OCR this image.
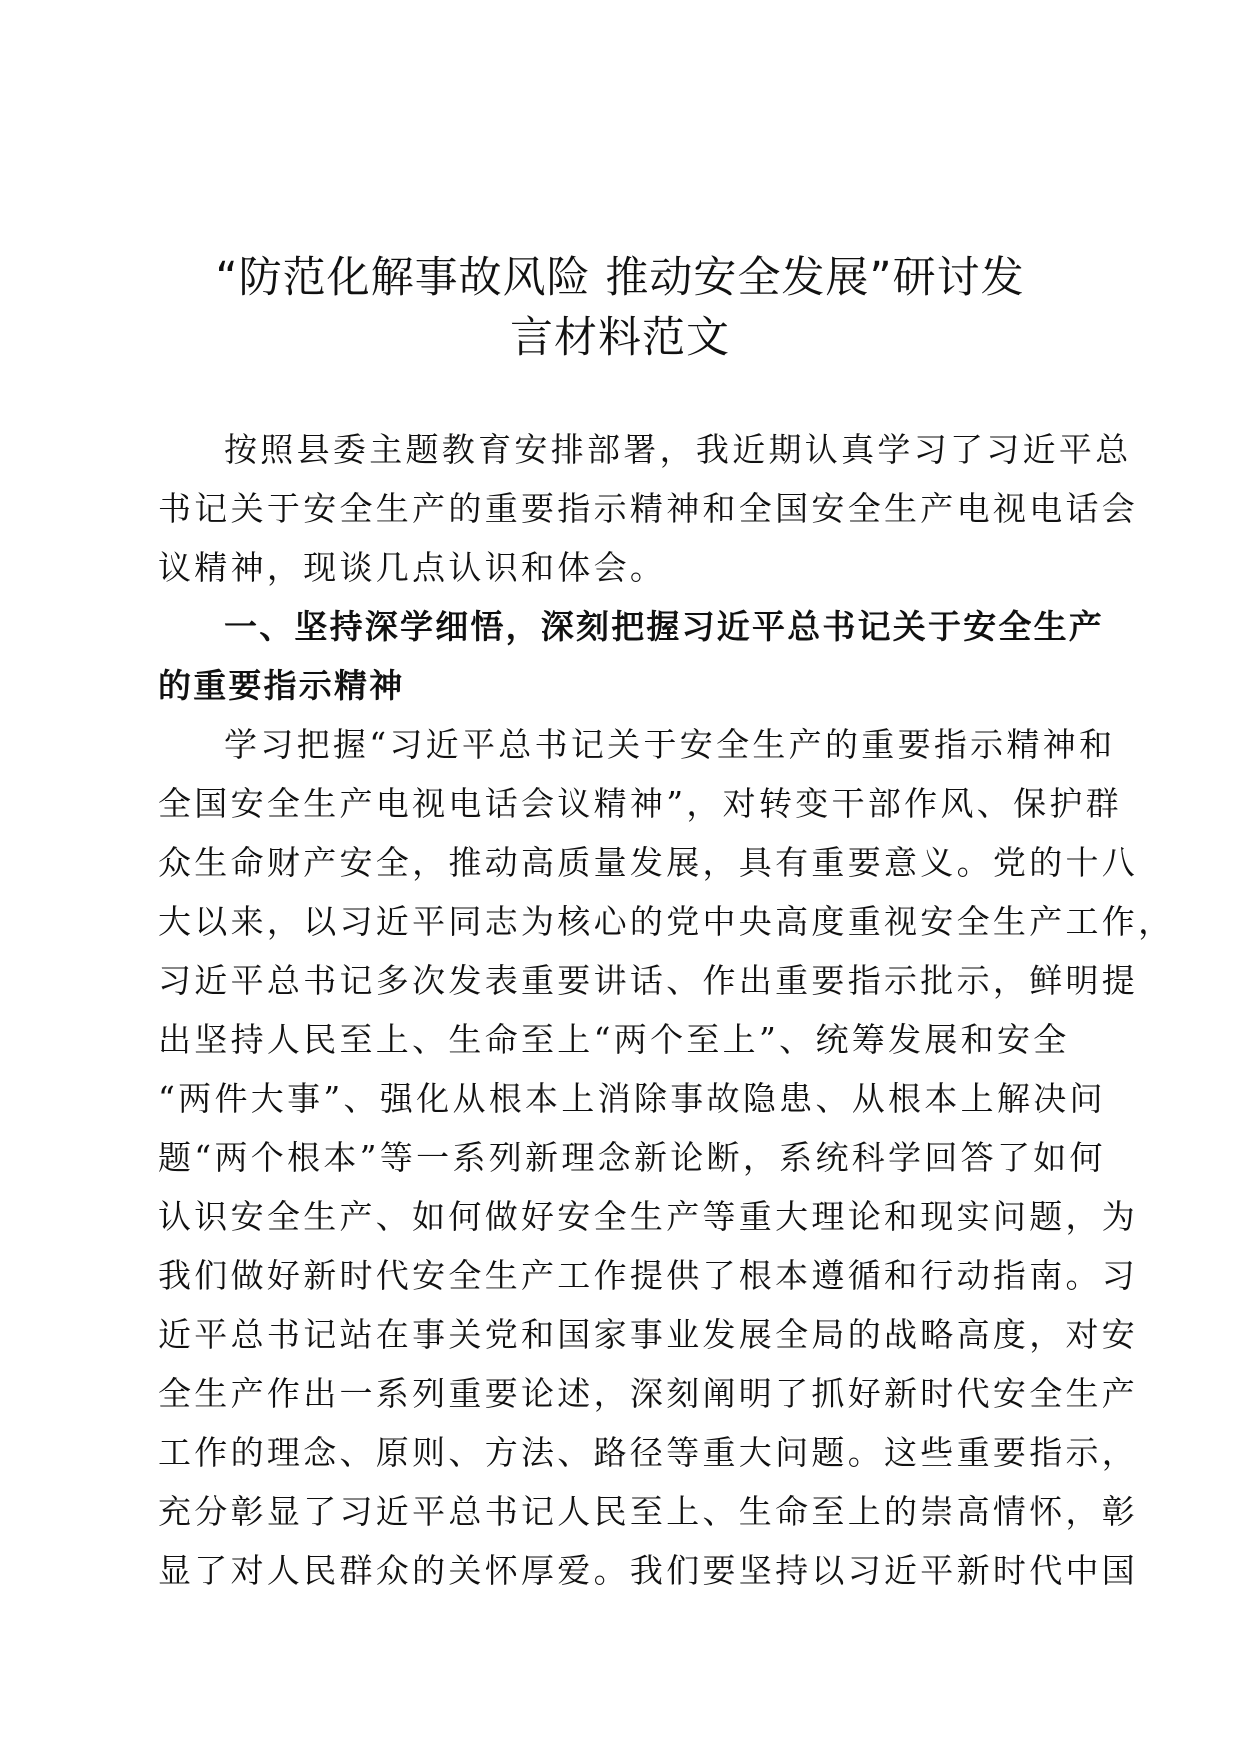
“防范化解事故风险 推动安全发展”研讨发
言材料范文
按照县委主题教育安排部署，我近期认真学习了习近平总
书记关于安全生产的重要指示精神和全国安全生产电视电话会
议精神，现谈几点认识和体会。
一、坚持深学细悟，深刻把握习近平总书记关于安全生产
的重要指示精神
学习把握“习近平总书记关于安全生产的重要指示精神和
全国安全生产电视电话会议精神”，对转变干部作风、保护群
众生命财产安全，推动高质量发展，具有重要意义。党的十八
大以来，以习近平同志为核心的党中央高度重视安全生产工作，
习近平总书记多次发表重要讲话、作出重要指示批示，鲜明提
出坚持人民至上、生命至上“两个至上”、统筹发展和安全
“两件大事”、强化从根本上消除事故隐患、从根本上解决问
题“两个根本”等一系列新理念新论断，系统科学回答了如何
认识安全生产、如何做好安全生产等重大理论和现实问题，为
我们做好新时代安全生产工作提供了根本遵循和行动指南。习
近平总书记站在事关党和国家事业发展全局的战略高度，对安
全生产作出一系列重要论述，深刻阐明了抓好新时代安全生产
工作的理念、原则、方法、路径等重大问题。这些重要指示，
充分彰显了习近平总书记人民至上、生命至上的崇高情怀，彰
显了对人民群众的关怀厚爱。我们要坚持以习近平新时代中国
